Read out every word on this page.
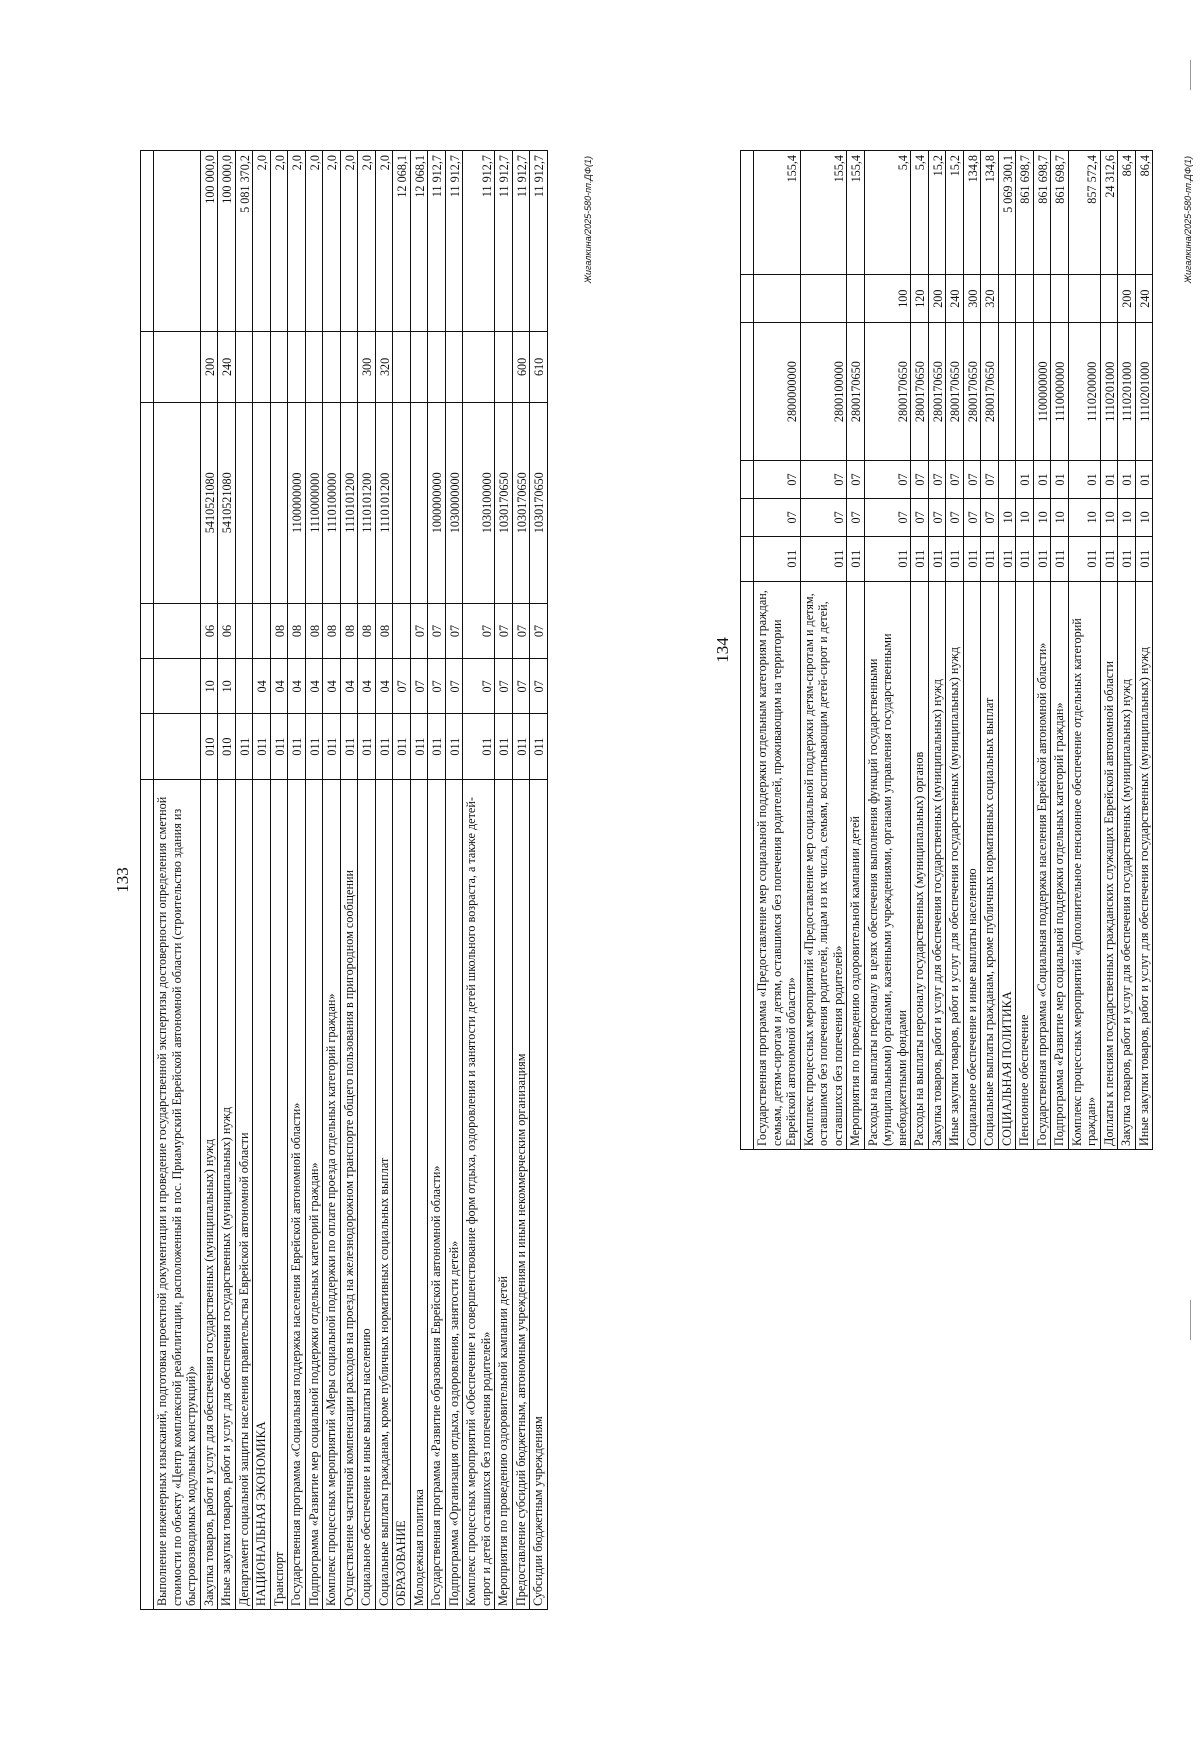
133
							Выполнение инженерных изысканий, подготовка проектной документации и проведение государственной экспертизы достоверности определения сметной стоимости по объекту «Центр комплексной реабилитации, расположенный в пос. Приамурский Еврейской автономной области (строительство здания из быстровозводимых модульных конструкций)»						
Закупка товаров, работ и услуг для обеспечения государственных (муниципальных) нужд	010	10	06	5410521080	200	100 000,0
Иные закупки товаров, работ и услуг для обеспечения государственных (муниципальных) нужд	010	10	06	5410521080	240	100 000,0
Департамент социальной защиты населения правительства Еврейской автономной области	011					5 081 370,2
НАЦИОНАЛЬНАЯ ЭКОНОМИКА	011	04				2,0
Транспорт	011	04	08			2,0
Государственная программа «Социальная поддержка населения Еврейской автономной области»	011	04	08	1100000000		2,0
Подпрограмма «Развитие мер социальной поддержки отдельных категорий граждан»	011	04	08	1110000000		2,0
Комплекс процессных мероприятий «Меры социальной поддержки по оплате проезда отдельных категорий граждан»	011	04	08	1110100000		2,0
Осуществление частичной компенсации расходов на проезд на железнодорожном транспорте общего пользования в пригородном сообщении	011	04	08	1110101200		2,0
Социальное обеспечение и иные выплаты населению	011	04	08	1110101200	300	2,0
Социальные выплаты гражданам, кроме публичных нормативных социальных выплат	011	04	08	1110101200	320	2,0
ОБРАЗОВАНИЕ	011	07				12 068,1
Молодежная политика	011	07	07			12 068,1
Государственная программа «Развитие образования Еврейской автономной области»	011	07	07	1000000000		11 912,7
Подпрограмма «Организация отдыха, оздоровления, занятости детей»	011	07	07	1030000000		11 912,7
Комплекс процессных мероприятий «Обеспечение и совершенствование форм отдыха, оздоровления и занятости детей школьного возраста, а также детей-сирот и детей оставшихся без попечения родителей»	011	07	07	1030100000		11 912,7
Мероприятия по проведению оздоровительной кампании детей	011	07	07	1030170650		11 912,7
Предоставление субсидий бюджетным, автономным учреждениям и иным некоммерческим организациям	011	07	07	1030170650	600	11 912,7
Субсидии бюджетным учреждениям	011	07	07	1030170650	610	11 912,7	Жигалкина/2025-580-пп.ДФ(1)
134
							Государственная программа «Предоставление мер социальной поддержки отдельным категориям граждан, семьям, детям-сиротам и детям, оставшимся без попечения родителей, проживающим на территории Еврейской автономной области»	011	07	07	2800000000		155,4
Комплекс процессных мероприятий «Предоставление мер социальной поддержки детям-сиротам и детям, оставшимся без попечения родителей, лицам из их числа, семьям, воспитывающим детей-сирот и детей, оставшихся без попечения родителей»	011	07	07	2800100000		155,4
Мероприятия по проведению оздоровительной кампании детей	011	07	07	2800170650		155,4
Расходы на выплаты персоналу в целях обеспечения выполнения функций государственными (муниципальными) органами, казенными учреждениями, органами управления государственными внебюджетными фондами	011	07	07	2800170650	100	5,4
Расходы на выплаты персоналу государственных (муниципальных) органов	011	07	07	2800170650	120	5,4
Закупка товаров, работ и услуг для обеспечения государственных (муниципальных) нужд	011	07	07	2800170650	200	15,2
Иные закупки товаров, работ и услуг для обеспечения государственных (муниципальных) нужд	011	07	07	2800170650	240	15,2
Социальное обеспечение и иные выплаты населению	011	07	07	2800170650	300	134,8
Социальные выплаты гражданам, кроме публичных нормативных социальных выплат	011	07	07	2800170650	320	134,8
СОЦИАЛЬНАЯ ПОЛИТИКА	011	10				5 069 300,1
Пенсионное обеспечение	011	10	01			861 698,7
Государственная программа «Социальная поддержка населения Еврейской автономной области»	011	10	01	1100000000		861 698,7
Подпрограмма «Развитие мер социальной поддержки отдельных категорий граждан»	011	10	01	1110000000		861 698,7
Комплекс процессных мероприятий «Дополнительное пенсионное обеспечение отдельных категорий граждан»	011	10	01	1110200000		857 572,4
Доплаты к пенсиям государственных гражданских служащих Еврейской автономной области	011	10	01	1110201000		24 312,6
Закупка товаров, работ и услуг для обеспечения государственных (муниципальных) нужд	011	10	01	1110201000	200	86,4
Иные закупки товаров, работ и услуг для обеспечения государственных (муниципальных) нужд	011	10	01	1110201000	240	86,4	Жигалкина/2025-580-пп.ДФ(1)
